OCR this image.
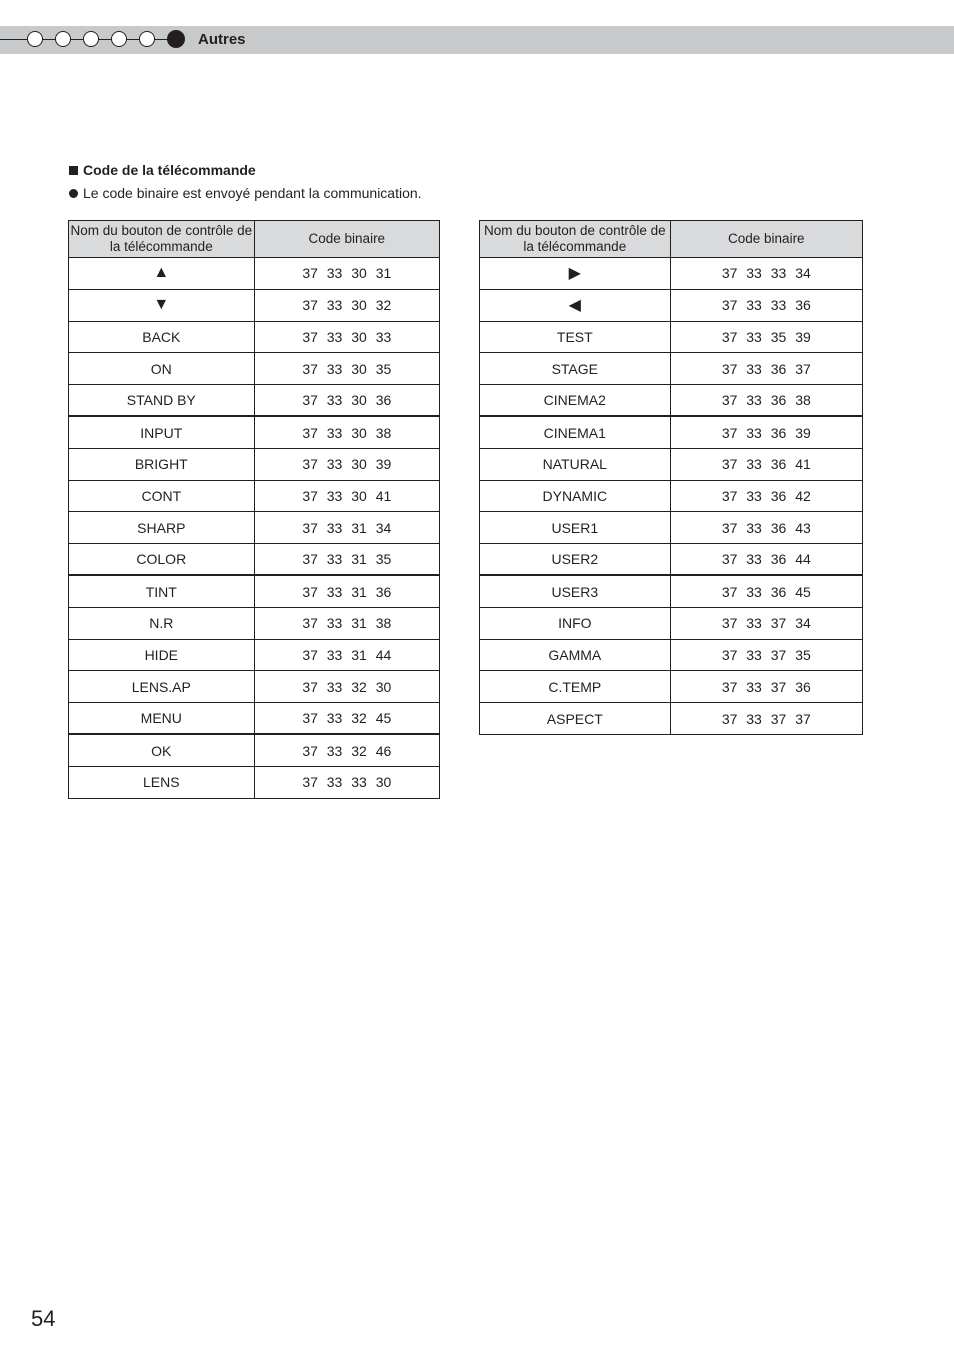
Autres
Code de la télécommande
Le code binaire est envoyé pendant la communication.
Nom du bouton de contrôle de la télécommande	Code binaire
▲	37 33 30 31
▼	37 33 30 32
BACK	37 33 30 33
ON	37 33 30 35
STAND BY	37 33 30 36
INPUT	37 33 30 38
BRIGHT	37 33 30 39
CONT	37 33 30 41
SHARP	37 33 31 34
COLOR	37 33 31 35
TINT	37 33 31 36
N.R	37 33 31 38
HIDE	37 33 31 44
LENS.AP	37 33 32 30
MENU	37 33 32 45
OK	37 33 32 46
LENS	37 33 33 30
Nom du bouton de contrôle de la télécommande	Code binaire
▶	37 33 33 34
◀	37 33 33 36
TEST	37 33 35 39
STAGE	37 33 36 37
CINEMA2	37 33 36 38
CINEMA1	37 33 36 39
NATURAL	37 33 36 41
DYNAMIC	37 33 36 42
USER1	37 33 36 43
USER2	37 33 36 44
USER3	37 33 36 45
INFO	37 33 37 34
GAMMA	37 33 37 35
C.TEMP	37 33 37 36
ASPECT	37 33 37 37
54
